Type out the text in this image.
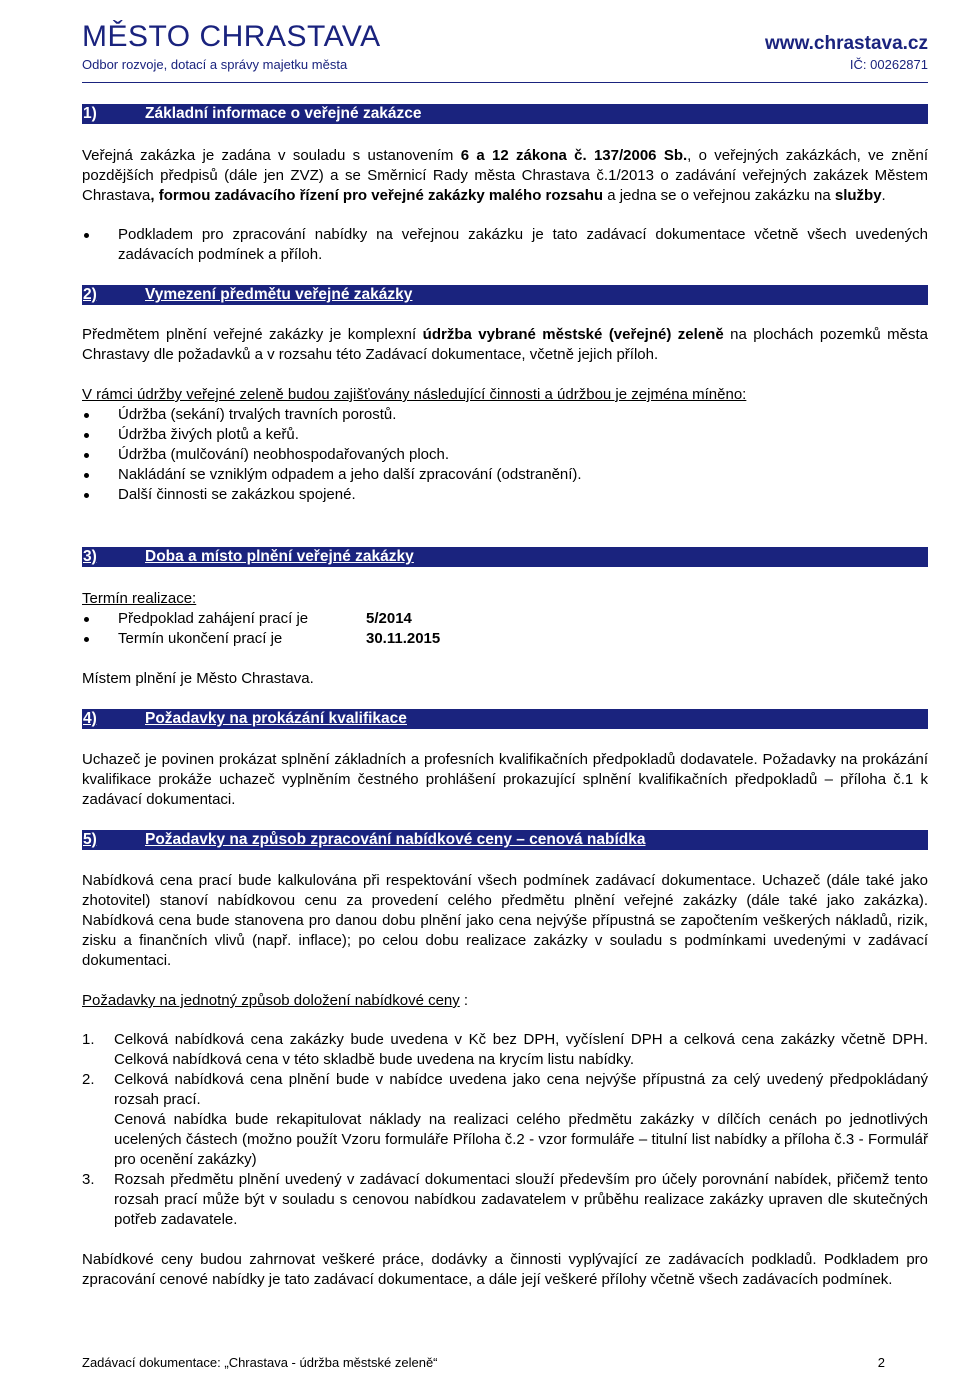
MĚSTO CHRASTAVA
Odbor rozvoje, dotací a správy majetku města
www.chrastava.cz
IČ: 00262871
1)	Základní informace o veřejné zakázce

Veřejná zakázka je zadána v souladu s ustanovením 6 a 12 zákona č. 137/2006 Sb., o veřejných zakázkách, ve znění pozdějších předpisů (dále jen ZVZ) a se Směrnicí Rady města Chrastava č.1/2013 o zadávání veřejných zakázek Městem Chrastava, formou zadávacího řízení pro veřejné zakázky malého rozsahu a jedna se o veřejnou zakázku na služby.

Podkladem pro zpracování nabídky na veřejnou zakázku je tato zadávací dokumentace včetně všech uvedených zadávacích podmínek a příloh.
2)	Vymezení předmětu veřejné zakázky

Předmětem plnění veřejné zakázky je komplexní údržba vybrané městské (veřejné) zeleně na plochách pozemků města Chrastavy dle požadavků a v rozsahu této Zadávací dokumentace, včetně jejich příloh.

V rámci údržby veřejné zeleně budou zajišťovány následující činnosti a údržbou je zejména míněno:

Údržba (sekání) trvalých travních porostů.
Údržba živých plotů a keřů.
Údržba (mulčování) neobhospodařovaných ploch.
Nakládání se vzniklým odpadem a jeho další zpracování (odstranění).
Další činnosti se zakázkou spojené.
3)	Doba a místo plnění veřejné zakázky

Termín realizace:

Předpoklad zahájení prací je	5/2014
Termín ukončení prací je	30.11.2015

Místem plnění je Město Chrastava.

4)	Požadavky na prokázání kvalifikace

Uchazeč je povinen prokázat splnění základních a profesních kvalifikačních předpokladů dodavatele. Požadavky na prokázání kvalifikace prokáže uchazeč vyplněním čestného prohlášení prokazující splnění kvalifikačních předpokladů – příloha č.1 k zadávací dokumentaci.

5)	Požadavky na způsob zpracování nabídkové ceny – cenová nabídka

Nabídková cena prací bude kalkulována při respektování všech podmínek zadávací dokumentace. Uchazeč (dále také jako zhotovitel) stanoví nabídkovou cenu za provedení celého předmětu plnění veřejné zakázky (dále také jako zakázka). Nabídková cena bude stanovena pro danou dobu plnění jako cena nejvýše přípustná se započtením veškerých nákladů, rizik, zisku a finančních vlivů (např. inflace); po celou dobu realizace zakázky v souladu s podmínkami uvedenými v zadávací dokumentaci.

Požadavky na jednotný způsob doložení nabídkové ceny :

1. Celková nabídková cena zakázky bude uvedena v Kč bez DPH, vyčíslení DPH a celková cena zakázky včetně DPH. Celková nabídková cena v této skladbě bude uvedena na krycím listu nabídky.
2. Celková nabídková cena plnění bude v nabídce uvedena jako cena nejvýše přípustná za celý uvedený předpokládaný rozsah prací.
Cenová nabídka bude rekapitulovat náklady na realizaci celého předmětu zakázky v dílčích cenách po jednotlivých ucelených částech (možno použít Vzoru formuláře Příloha č.2 - vzor formuláře – titulní list nabídky a příloha č.3 - Formulář pro ocenění zakázky)
3. Rozsah předmětu plnění uvedený v zadávací dokumentaci slouží především pro účely porovnání nabídek, přičemž tento rozsah prací může být v souladu s cenovou nabídkou zadavatelem v průběhu realizace zakázky upraven dle skutečných potřeb zadavatele.

Nabídkové ceny budou zahrnovat veškeré práce, dodávky a činnosti vyplývající ze zadávacích podkladů. Podkladem pro zpracování cenové nabídky je tato zadávací dokumentace, a dále její veškeré přílohy včetně všech zadávacích podmínek.

Zadávací dokumentace: „Chrastava - údržba městské zeleně“	2
